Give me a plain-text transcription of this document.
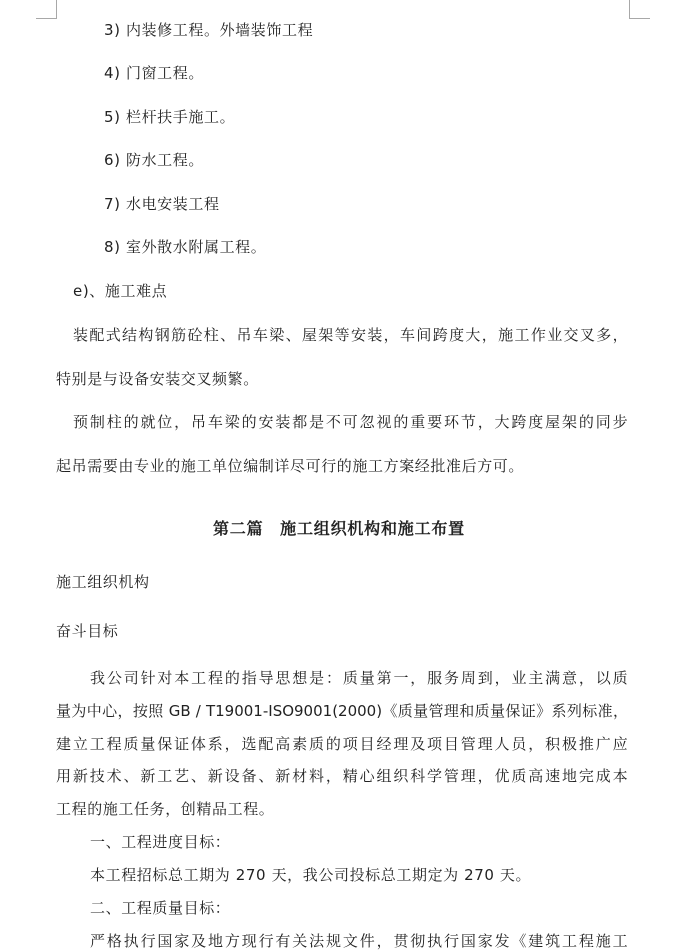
3) 内装修工程。外墙装饰工程
4) 门窗工程。
5) 栏杆扶手施工。
6) 防水工程。
7) 水电安装工程
8) 室外散水附属工程。
e)、施工难点
装配式结构钢筋砼柱、吊车梁、屋架等安装，车间跨度大，施工作业交叉多，
特别是与设备安装交叉频繁。
预制柱的就位，吊车梁的安装都是不可忽视的重要环节，大跨度屋架的同步
起吊需要由专业的施工单位编制详尽可行的施工方案经批准后方可。
第二篇　施工组织机构和施工布置
施工组织机构
奋斗目标
我公司针对本工程的指导思想是：质量第一，服务周到，业主满意，以质
量为中心，按照 GB / T19001-ISO9001(2000)《质量管理和质量保证》系列标准，
建立工程质量保证体系，选配高素质的项目经理及项目管理人员，积极推广应
用新技术、新工艺、新设备、新材料，精心组织科学管理，优质高速地完成本
工程的施工任务，创精品工程。
一、工程进度目标：
本工程招标总工期为 270 天，我公司投标总工期定为 270 天。
二、工程质量目标：
严格执行国家及地方现行有关法规文件，贯彻执行国家发《建筑工程施工
